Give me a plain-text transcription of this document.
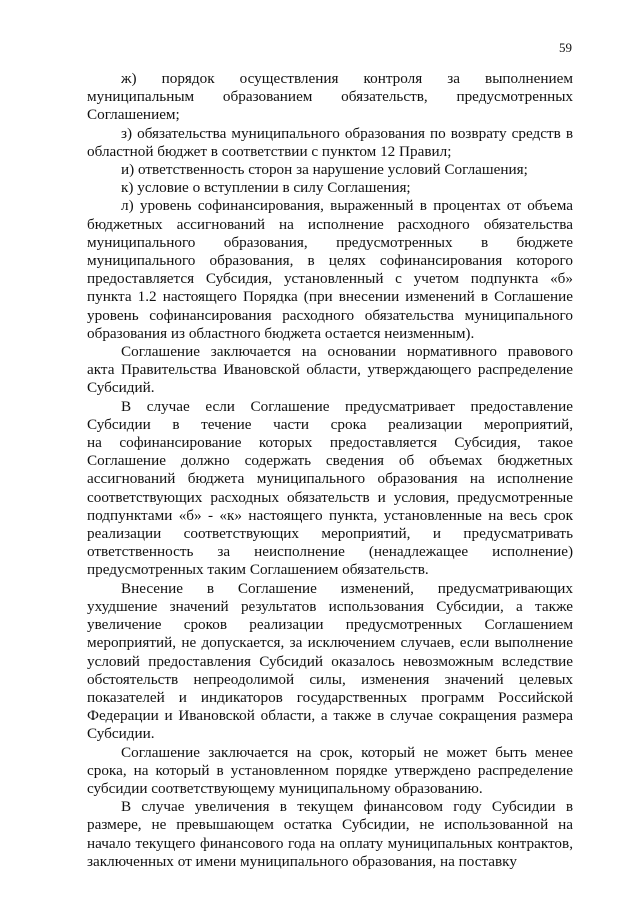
59

ж) порядок осуществления контроля за выполнением
муниципальным образованием обязательств, предусмотренных
Соглашением;

з) обязательства муниципального образования по возврату средств в
областной бюджет в соответствии с пунктом 12 Правил;

и) ответственность сторон за нарушение условий Соглашения;

к) условие о вступлении в силу Соглашения;

л) уровень софинансирования, выраженный в процентах от объема
бюджетных ассигнований на исполнение расходного обязательства
муниципального образования, предусмотренных в бюджете
муниципального образования, в целях софинансирования которого
предоставляется Субсидия, установленный с учетом подпункта «б»
пункта 1.2 настоящего Порядка (при внесении изменений в Соглашение
уровень софинансирования расходного обязательства муниципального
образования из областного бюджета остается неизменным).

Соглашение заключается на основании нормативного правового
акта Правительства Ивановской области, утверждающего распределение
Субсидий.

В случае если Соглашение предусматривает предоставление
Субсидии в течение части срока реализации мероприятий,
на софинансирование которых предоставляется Субсидия, такое
Соглашение должно содержать сведения об объемах бюджетных
ассигнований бюджета муниципального образования на исполнение
соответствующих расходных обязательств и условия, предусмотренные
подпунктами «б» - «к» настоящего пункта, установленные на весь срок
реализации соответствующих мероприятий, и предусматривать
ответственность за неисполнение (ненадлежащее исполнение)
предусмотренных таким Соглашением обязательств.

Внесение в Соглашение изменений, предусматривающих
ухудшение значений результатов использования Субсидии, а также
увеличение сроков реализации предусмотренных Соглашением
мероприятий, не допускается, за исключением случаев, если выполнение
условий предоставления Субсидий оказалось невозможным вследствие
обстоятельств непреодолимой силы, изменения значений целевых
показателей и индикаторов государственных программ Российской
Федерации и Ивановской области, а также в случае сокращения размера
Субсидии.

Соглашение заключается на срок, который не может быть менее
срока, на который в установленном порядке утверждено распределение
субсидии соответствующему муниципальному образованию.

В случае увеличения в текущем финансовом году Субсидии в
размере, не превышающем остатка Субсидии, не использованной на
начало текущего финансового года на оплату муниципальных контрактов,
заключенных от имени муниципального образования, на поставку
